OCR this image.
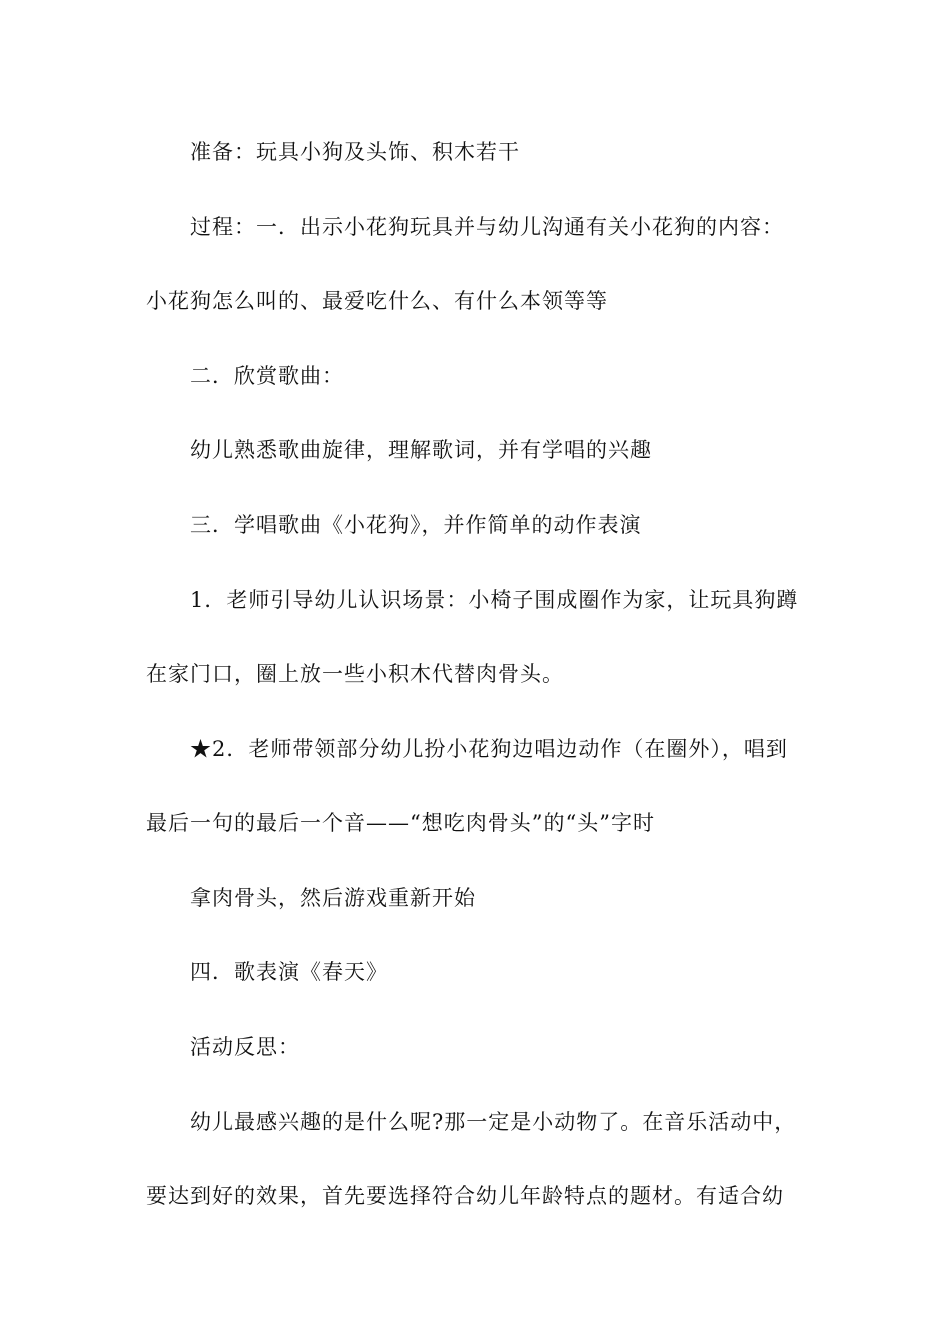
准备：玩具小狗及头饰、积木若干
过程：一．出示小花狗玩具并与幼儿沟通有关小花狗的内容：
小花狗怎么叫的、最爱吃什么、有什么本领等等
二．欣赏歌曲：
幼儿熟悉歌曲旋律，理解歌词，并有学唱的兴趣
三．学唱歌曲《小花狗》，并作简单的动作表演
1．老师引导幼儿认识场景：小椅子围成圈作为家，让玩具狗蹲
在家门口，圈上放一些小积木代替肉骨头。
★2．老师带领部分幼儿扮小花狗边唱边动作（在圈外），唱到
最后一句的最后一个音——“想吃肉骨头”的“头”字时
拿肉骨头，然后游戏重新开始
四．歌表演《春天》
活动反思：
幼儿最感兴趣的是什么呢?那一定是小动物了。在音乐活动中，
要达到好的效果，首先要选择符合幼儿年龄特点的题材。有适合幼
